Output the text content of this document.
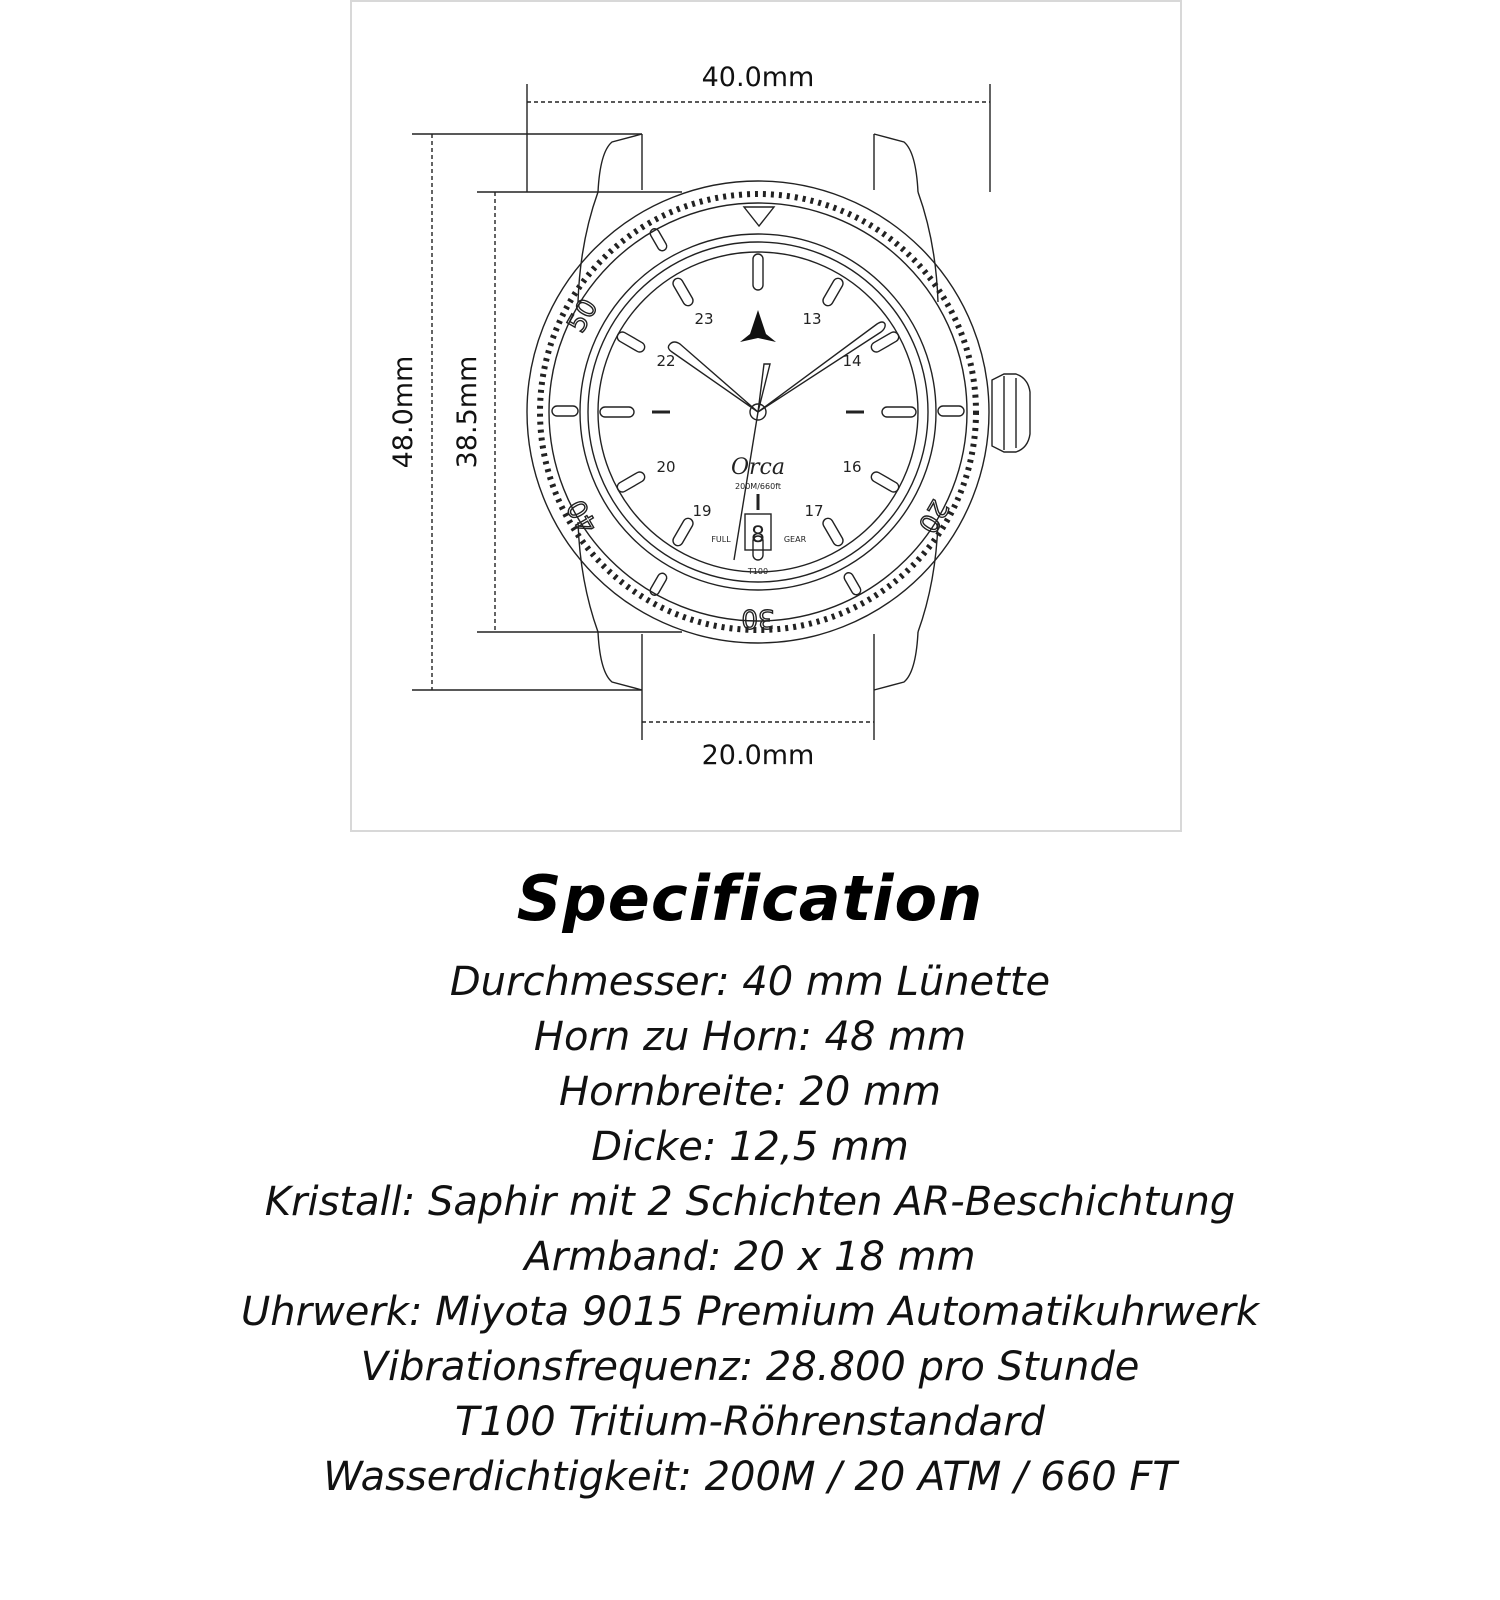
40.0mm
48.0mm 38.5mm
20.0mm
50
40
30
20
23	13
22	14
20	16
19	17
Orca
200M/660ft
FULL	GEAR
T100
8
Specification
Durchmesser: 40 mm Lünette
Horn zu Horn: 48 mm
Hornbreite: 20 mm
Dicke: 12,5 mm
Kristall: Saphir mit 2 Schichten AR-Beschichtung
Armband: 20 x 18 mm
Uhrwerk: Miyota 9015 Premium Automatikuhrwerk
Vibrationsfrequenz: 28.800 pro Stunde
T100 Tritium-Röhrenstandard
Wasserdichtigkeit: 200M / 20 ATM / 660 FT
